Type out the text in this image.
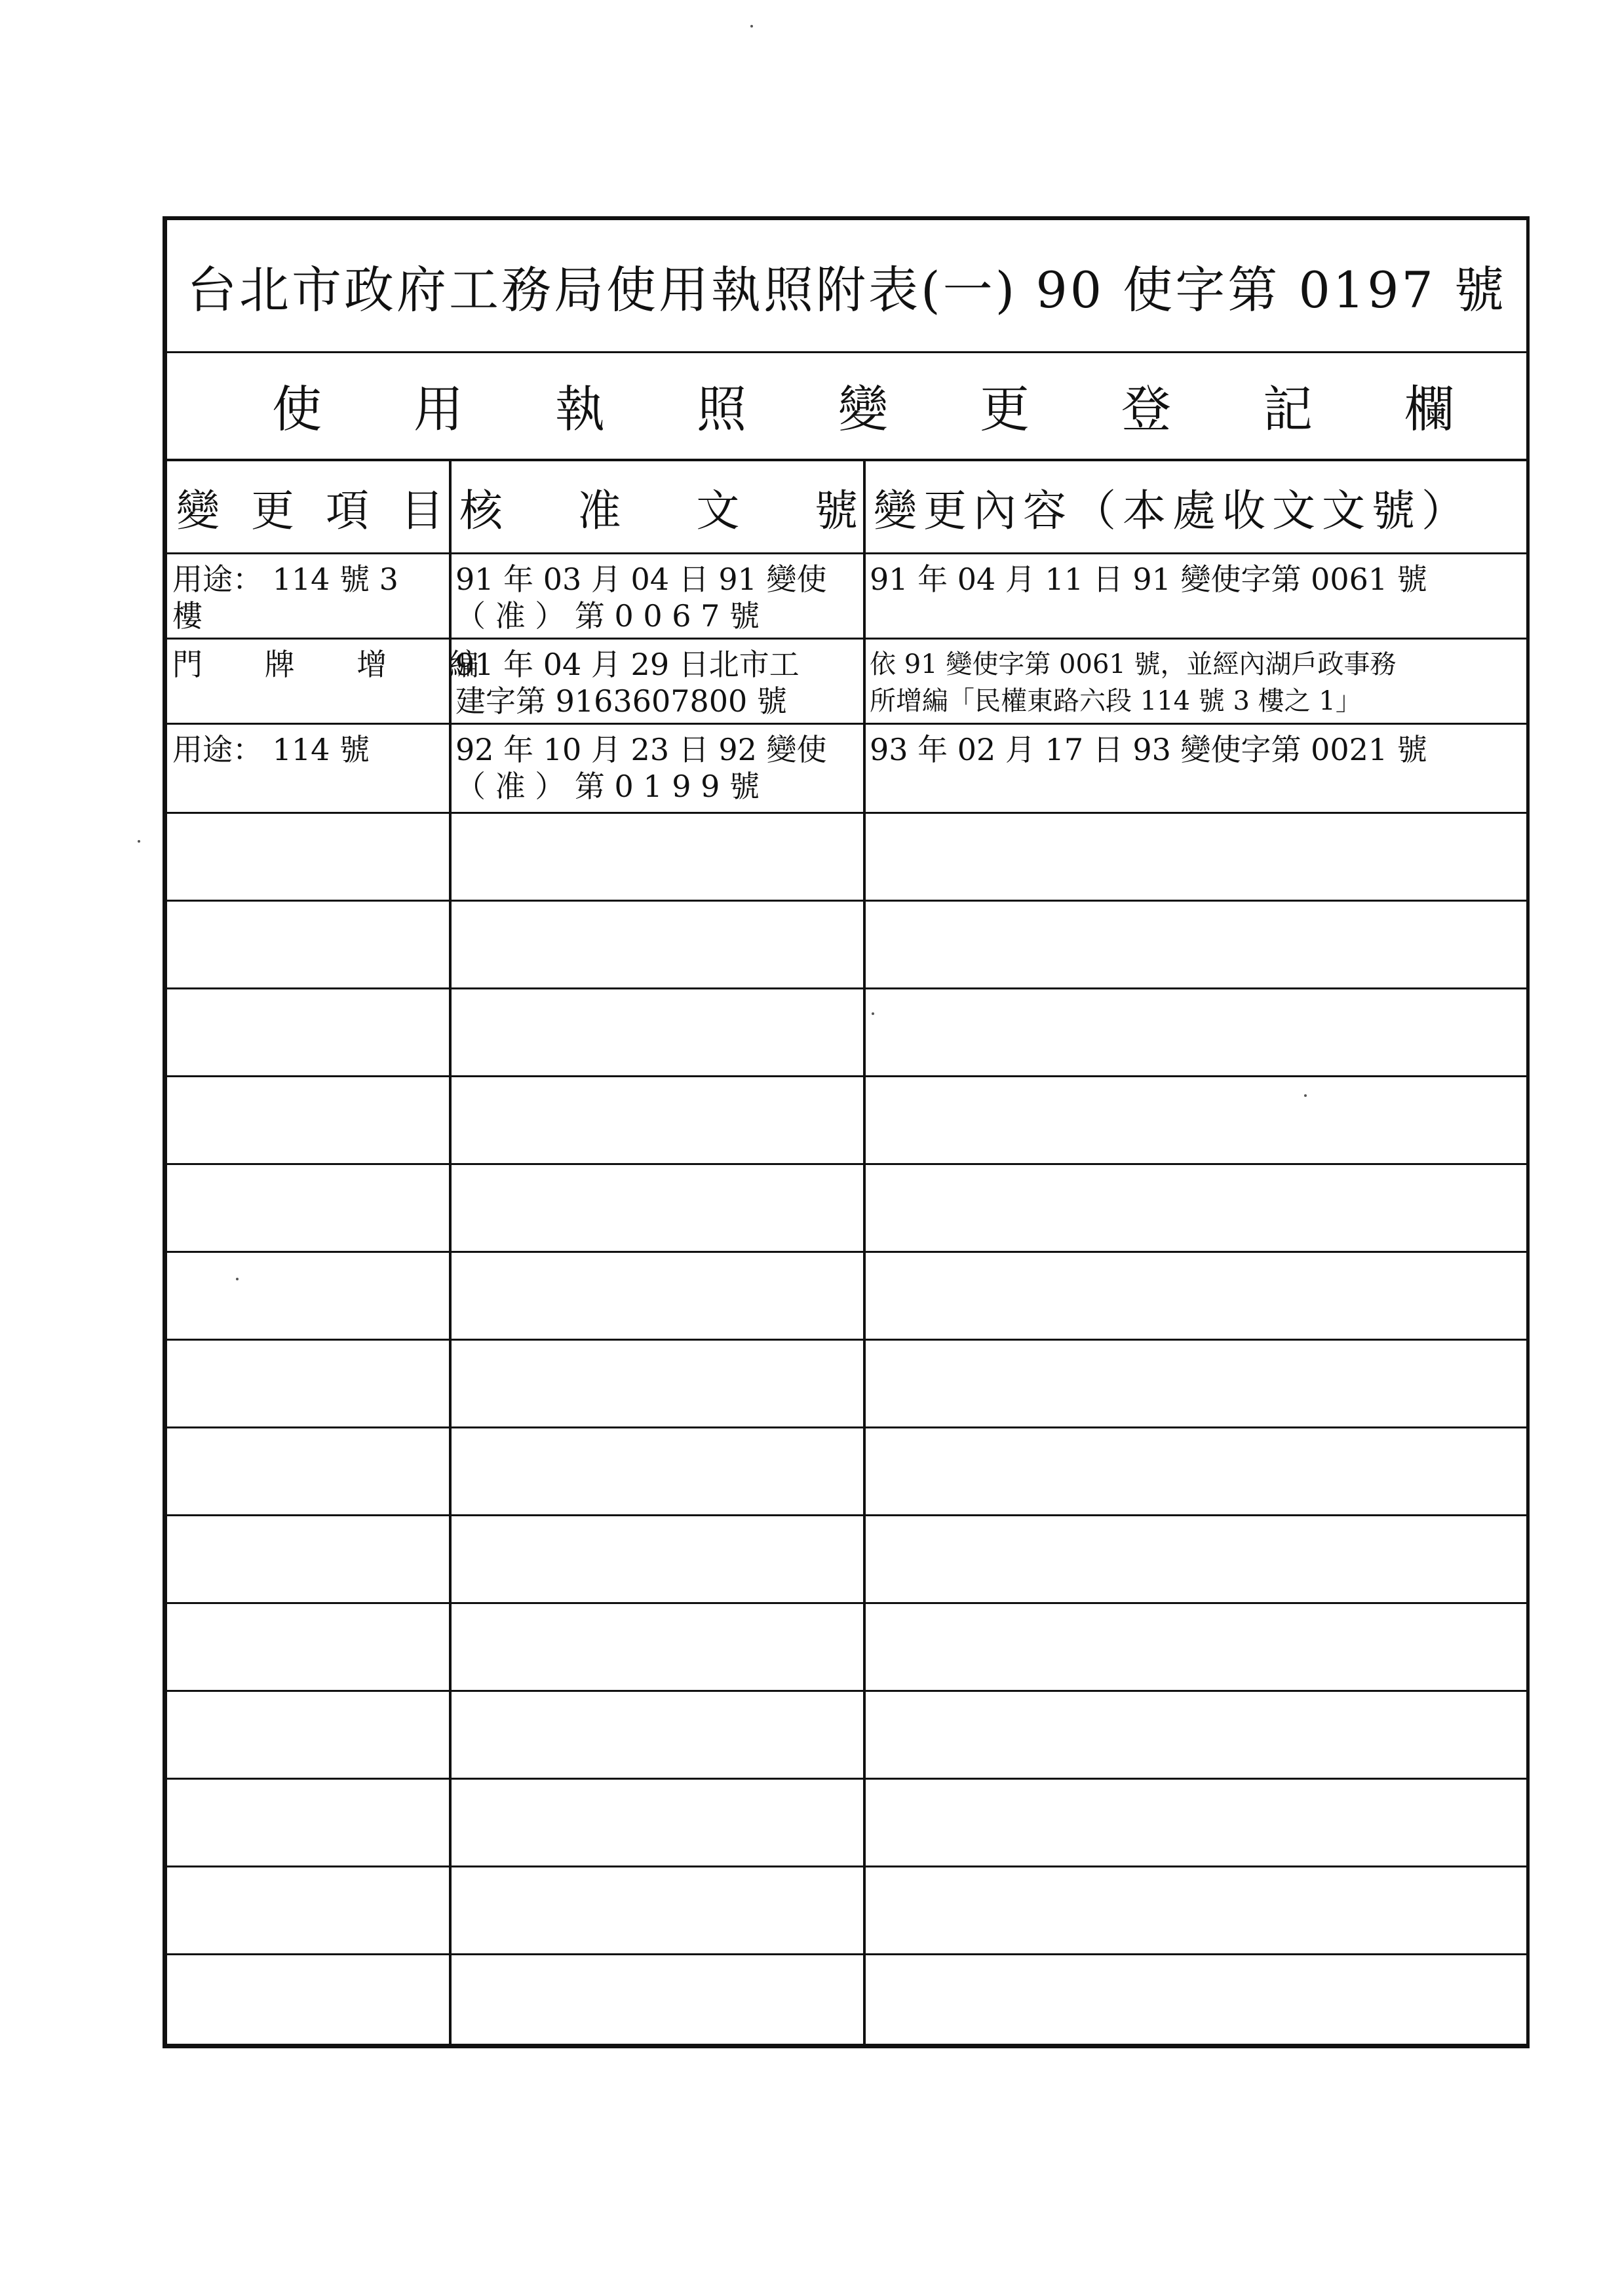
台北市政府工務局使用執照附表(一) 90 使字第 0197 號
使 用 執 照 變 更 登 記 欄
變 更 項 目 核 准 文 號 變更內容（本處收文文號）
用途： 114 號 3
樓
91 年 03 月 04 日 91 變使
（ 准 ） 第 0 0 6 7 號
91 年 04 月 11 日 91 變使字第 0061 號
門 牌 增 編
91 年 04 月 29 日北市工
建字第 9163607800 號
依 91 變使字第 0061 號，並經內湖戶政事務
所增編「民權東路六段 114 號 3 樓之 1」
用途： 114 號	92 年 10 月 23 日 92 變使
（ 准 ） 第 0 1 9 9 號
93 年 02 月 17 日 93 變使字第 0021 號
